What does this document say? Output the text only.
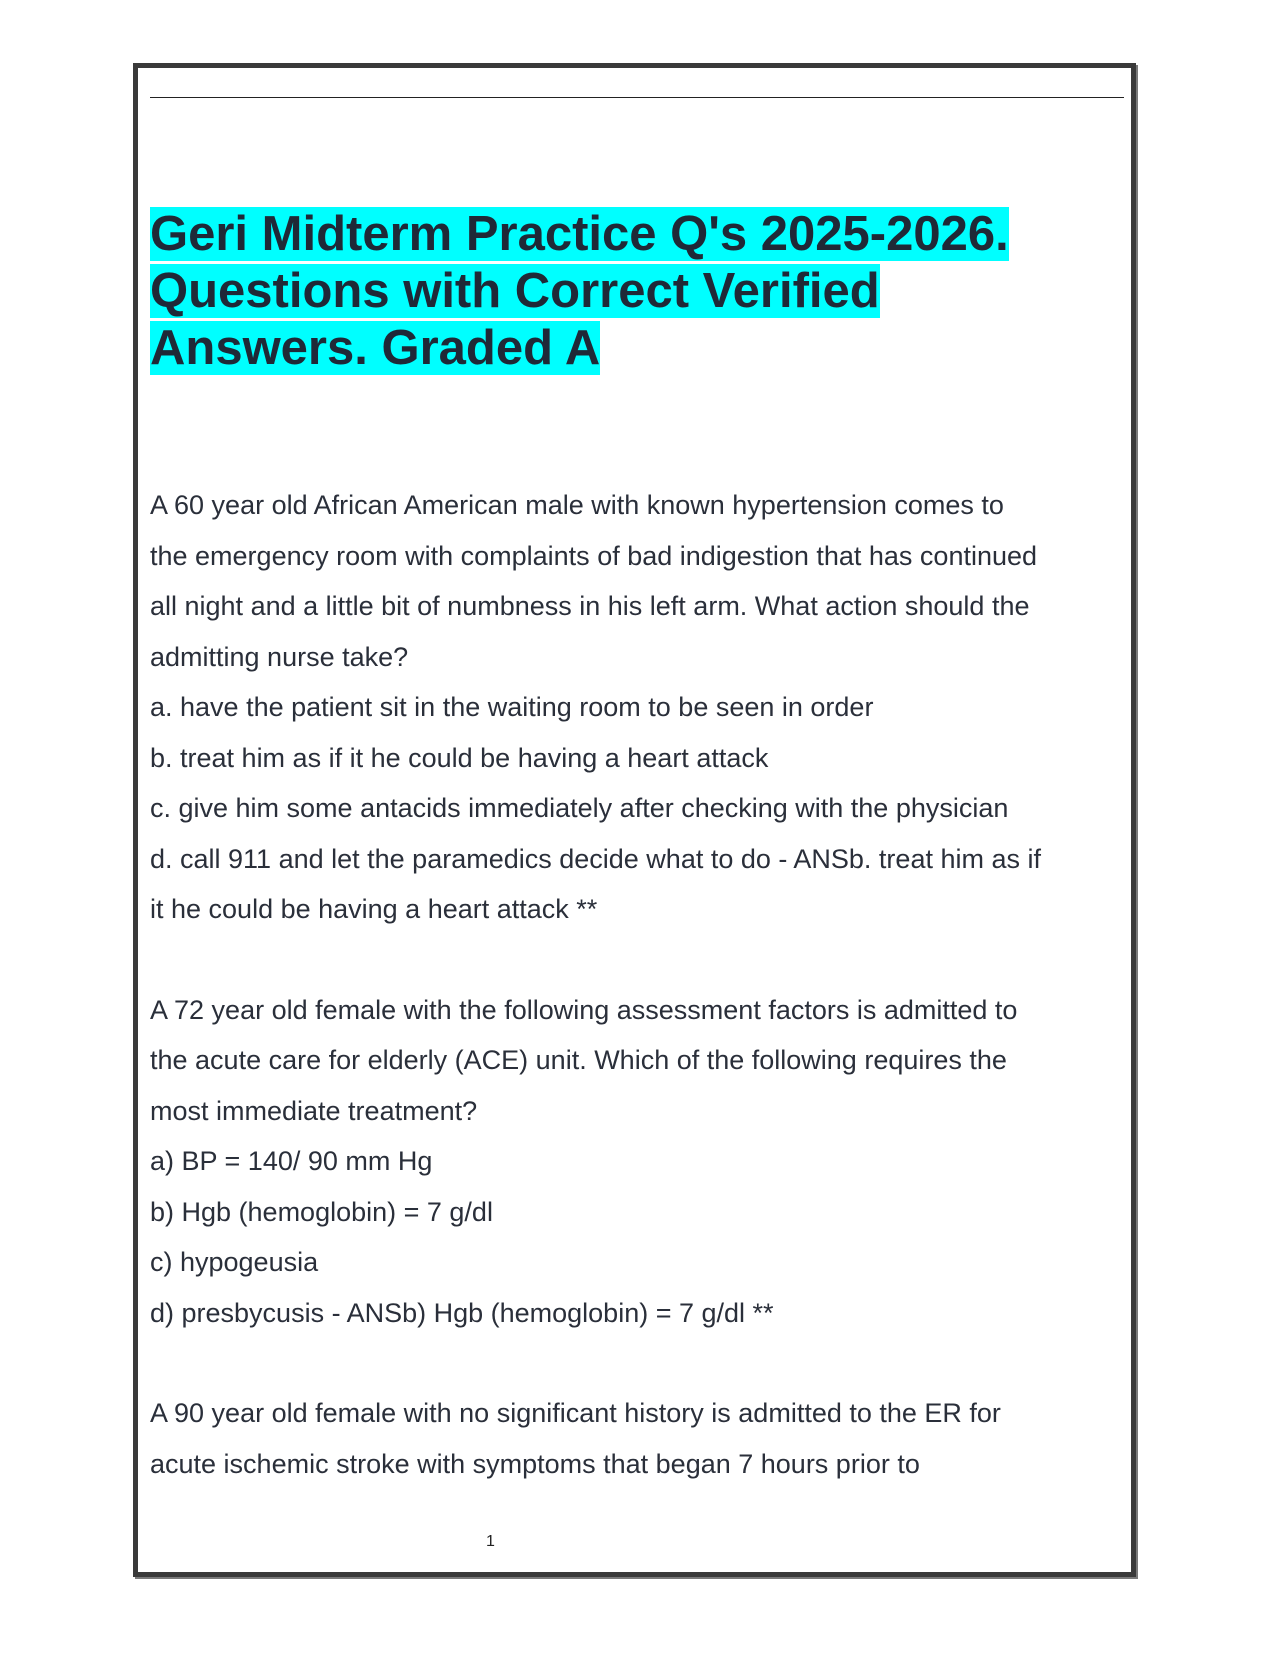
Geri Midterm Practice Q's 2025-2026.
Questions with Correct Verified
Answers. Graded A
A 60 year old African American male with known hypertension comes to
the emergency room with complaints of bad indigestion that has continued
all night and a little bit of numbness in his left arm. What action should the
admitting nurse take?
a. have the patient sit in the waiting room to be seen in order
b. treat him as if it he could be having a heart attack
c. give him some antacids immediately after checking with the physician
d. call 911 and let the paramedics decide what to do - ANSb. treat him as if
it he could be having a heart attack **
A 72 year old female with the following assessment factors is admitted to
the acute care for elderly (ACE) unit. Which of the following requires the
most immediate treatment?
a) BP = 140/ 90 mm Hg
b) Hgb (hemoglobin) = 7 g/dl
c) hypogeusia
d) presbycusis - ANSb) Hgb (hemoglobin) = 7 g/dl **
A 90 year old female with no significant history is admitted to the ER for
acute ischemic stroke with symptoms that began 7 hours prior to
1
